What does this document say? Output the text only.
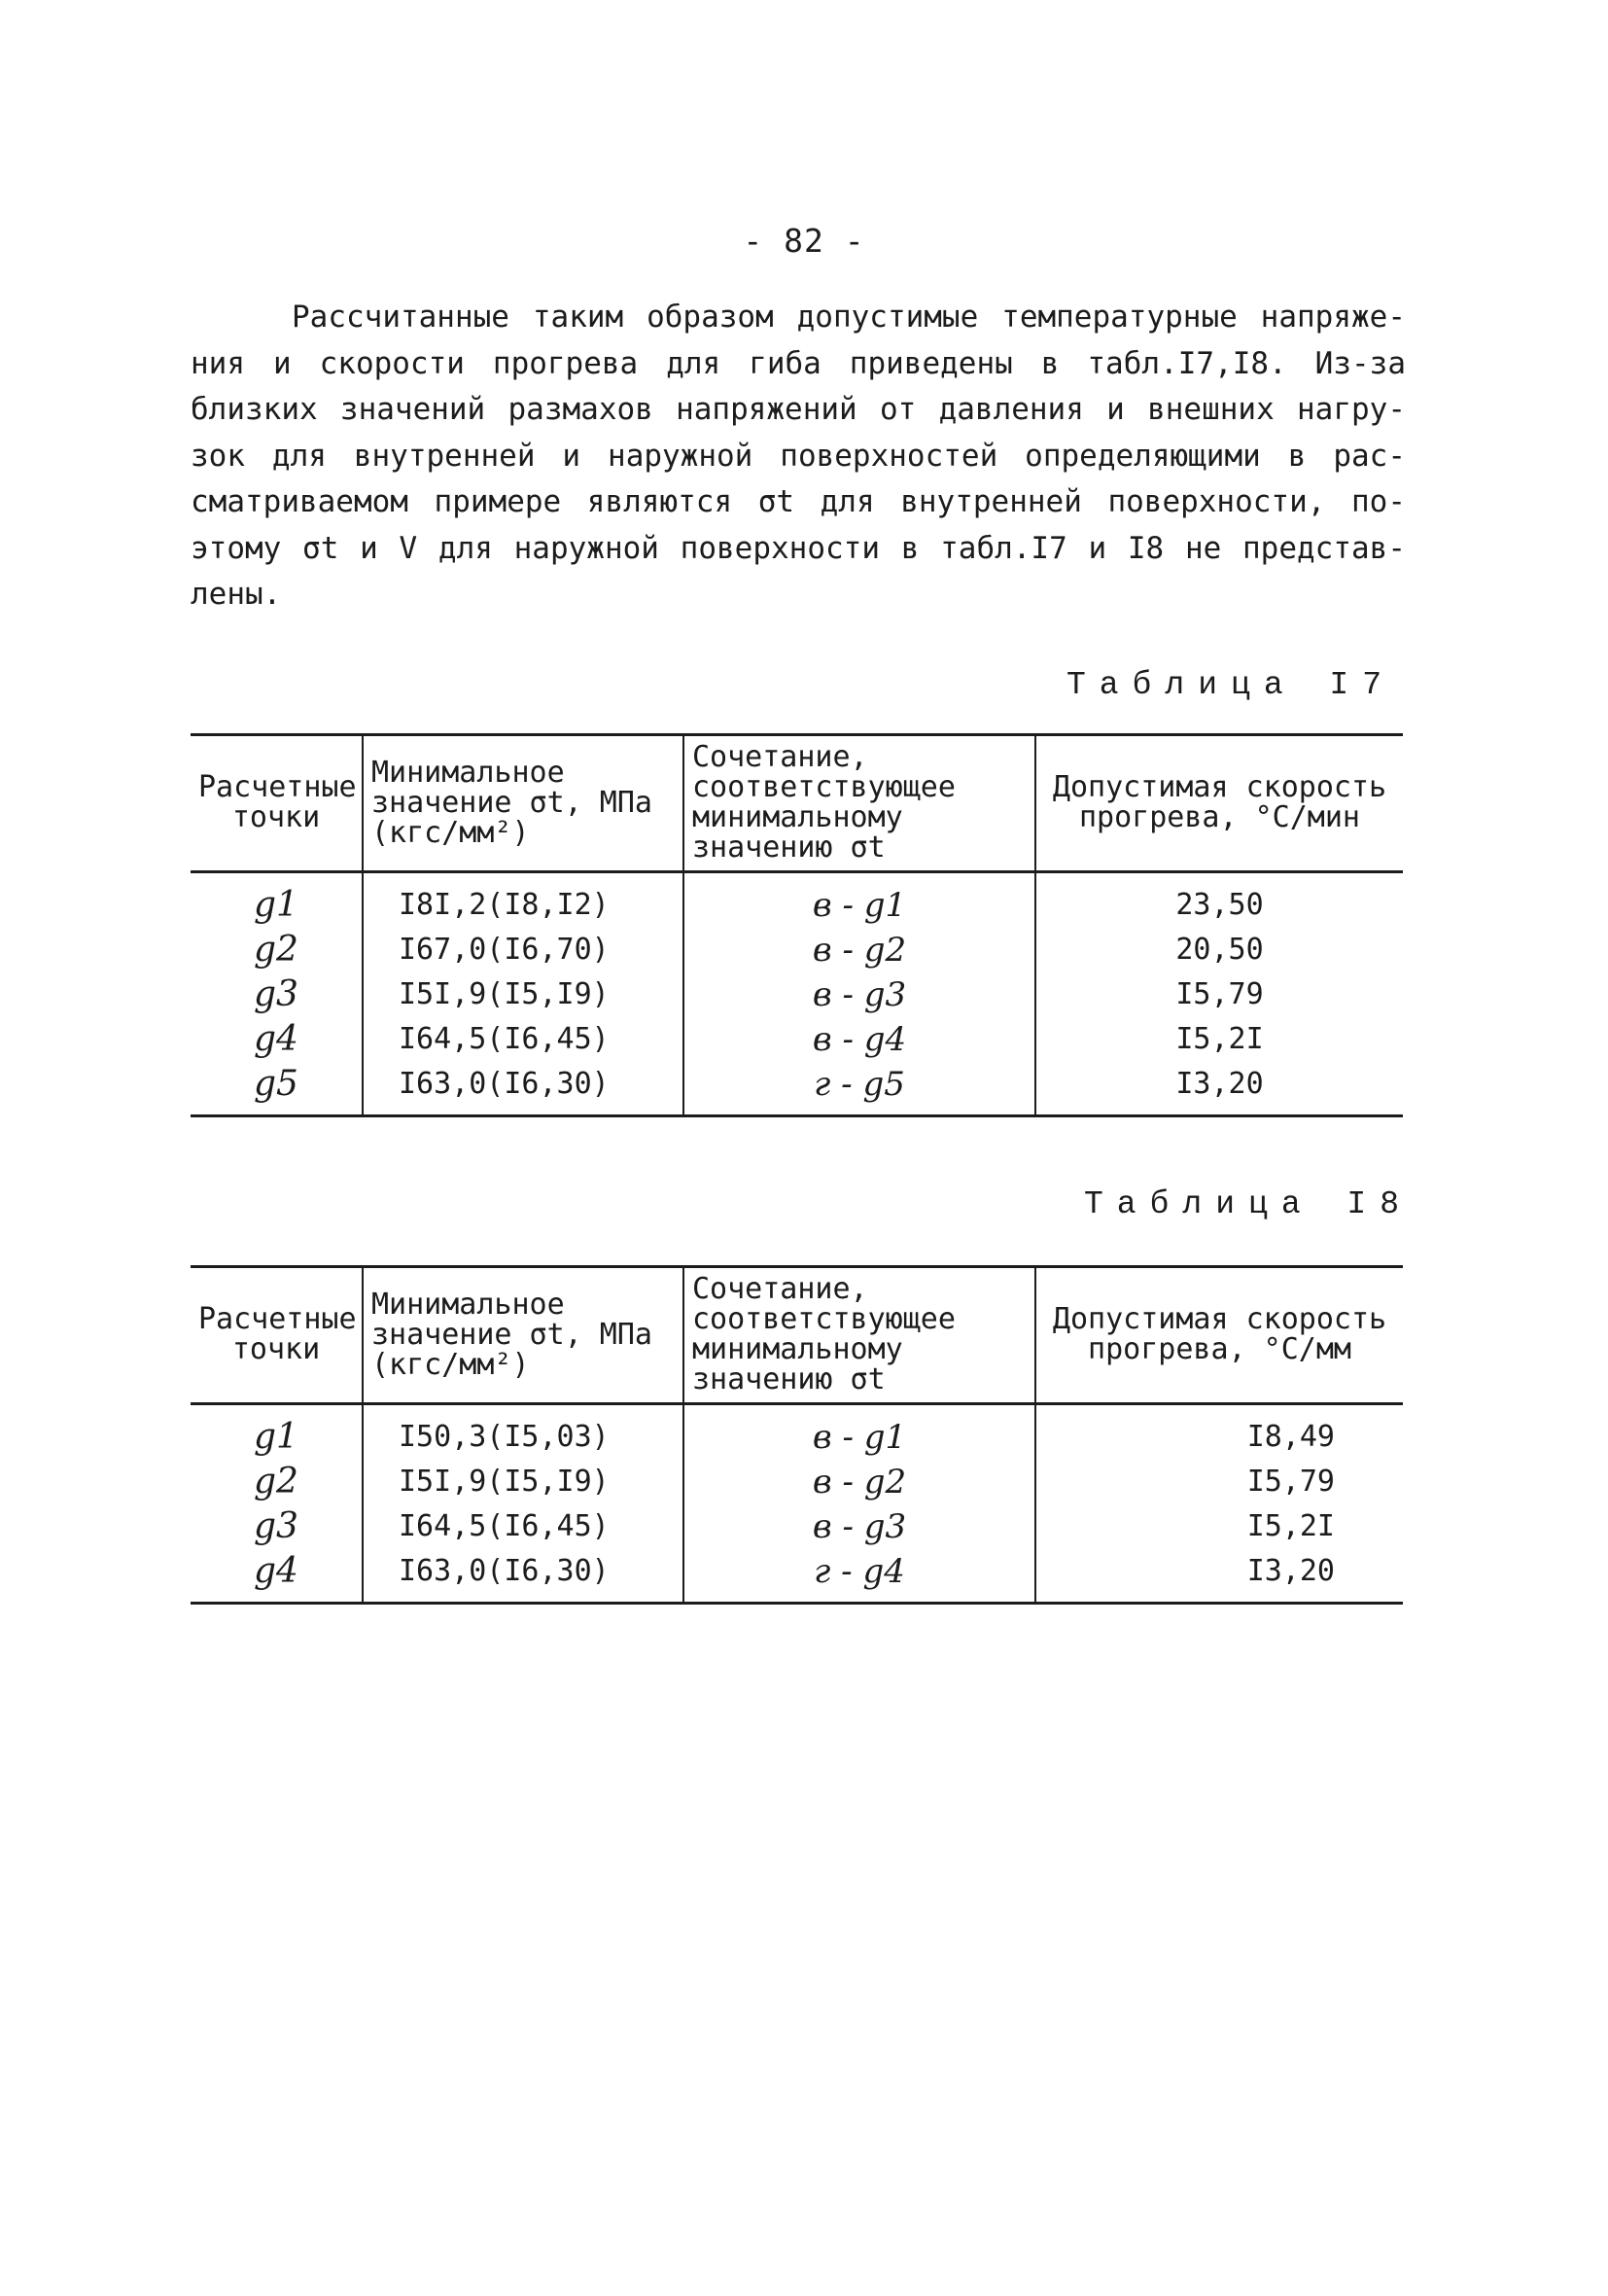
- 82 -
Рассчитанные таким образом допустимые температурные напряже-
ния и скорости прогрева для гиба приведены в табл.I7,I8. Из-за
близких значений размахов напряжений от давления и внешних нагру-
зок для внутренней и наружной поверхностей определяющими в рас-
сматриваемом примере являются σt для внутренней поверхности, по-
этому σt и V для наружной поверхности в табл.I7 и I8 не представ-
лены.
Таблица I7
Расчетные точки	Минимальное значение σt, МПа (кгс/мм²)	Сочетание, соответствующее минимальному значению σt	Допустимая скорость прогрева, °С/мин
g1	I8I,2(I8,I2)	в - g1	23,50
g2	I67,0(I6,70)	в - g2	20,50
g3	I5I,9(I5,I9)	в - g3	I5,79
g4	I64,5(I6,45)	в - g4	I5,2I
g5	I63,0(I6,30)	г - g5	I3,20
Таблица I8
Расчетные точки	Минимальное значение σt, МПа (кгс/мм²)	Сочетание, соответствующее минимальному значению σt	Допустимая скорость прогрева, °С/мм
g1	I50,3(I5,03)	в - g1	I8,49
g2	I5I,9(I5,I9)	в - g2	I5,79
g3	I64,5(I6,45)	в - g3	I5,2I
g4	I63,0(I6,30)	г - g4	I3,20
